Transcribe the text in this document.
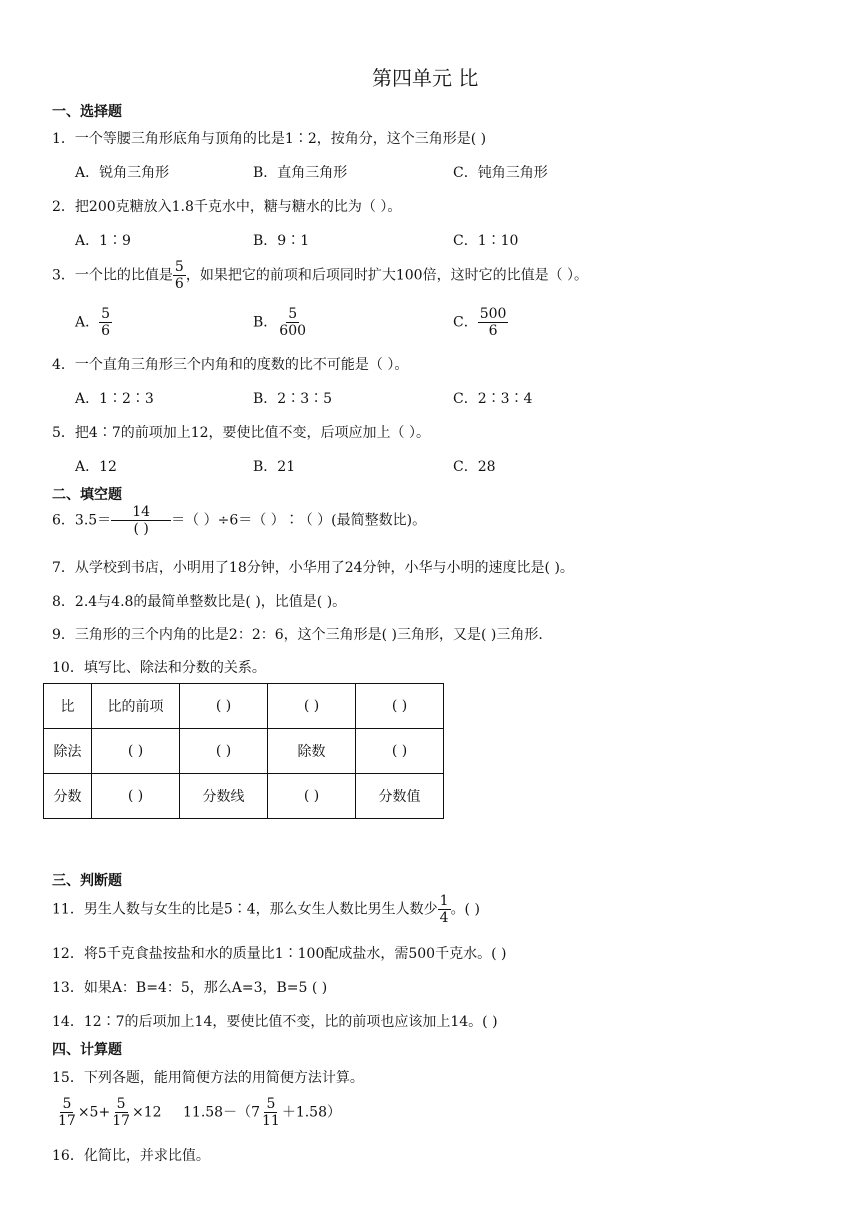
第四单元 比
一、选择题
1．一个等腰三角形底角与顶角的比是1∶2，按角分，这个三角形是( )
A．锐角三角形	B．直角三角形	C．钝角三角形
2．把200克糖放入1.8千克水中，糖与糖水的比为（ ）。
A．1∶9	B．9∶1	C．1∶10
3．一个比的比值是 $\frac{5}{6}$ ，如果把它的前项和后项同时扩大100倍，这时它的比值是（ ）。
A． $\frac{5}{6}$	B． $\frac{5}{600}$	C． $\frac{500}{6}$
4．一个直角三角形三个内角和的度数的比不可能是（ ）。
A．1∶2∶3	B．2∶3∶5	C．2∶3∶4
5．把4∶7的前项加上12，要使比值不变，后项应加上（ ）。
A．12	B．21	C．28
二、填空题
6．$3.5= \frac{14}{( )}$ ＝（ ）÷6＝（ ）∶（ ）(最简整数比)。
7．从学校到书店，小明用了18分钟，小华用了24分钟，小华与小明的速度比是( )。
8．2.4与4.8的最简单整数比是( )，比值是( )。
9．三角形的三个内角的比是2：2：6，这个三角形是( )三角形，又是( )三角形.
10．填写比、除法和分数的关系。
比	比的前项	( )	( )	( )
除法	( )	( )	除数	( )
分数	( )	分数线	( )	分数值
三、判断题
11．男生人数与女生的比是5∶4，那么女生人数比男生人数少 $\frac{1}{4}$ 。( )
12．将5千克食盐按盐和水的质量比1∶100配成盐水，需500千克水。( )
13．如果A：B=4：5，那么A=3，B=5 ( )
14．12∶7的后项加上14，要使比值不变，比的前项也应该加上14。( )
四、计算题
15．下列各题，能用简便方法的用简便方法计算。
$\frac{5}{17} \times 5+ \frac{5}{17} \times 12$ $11.58-(7 \frac{5}{11} +1.58)$
16．化简比，并求比值。
